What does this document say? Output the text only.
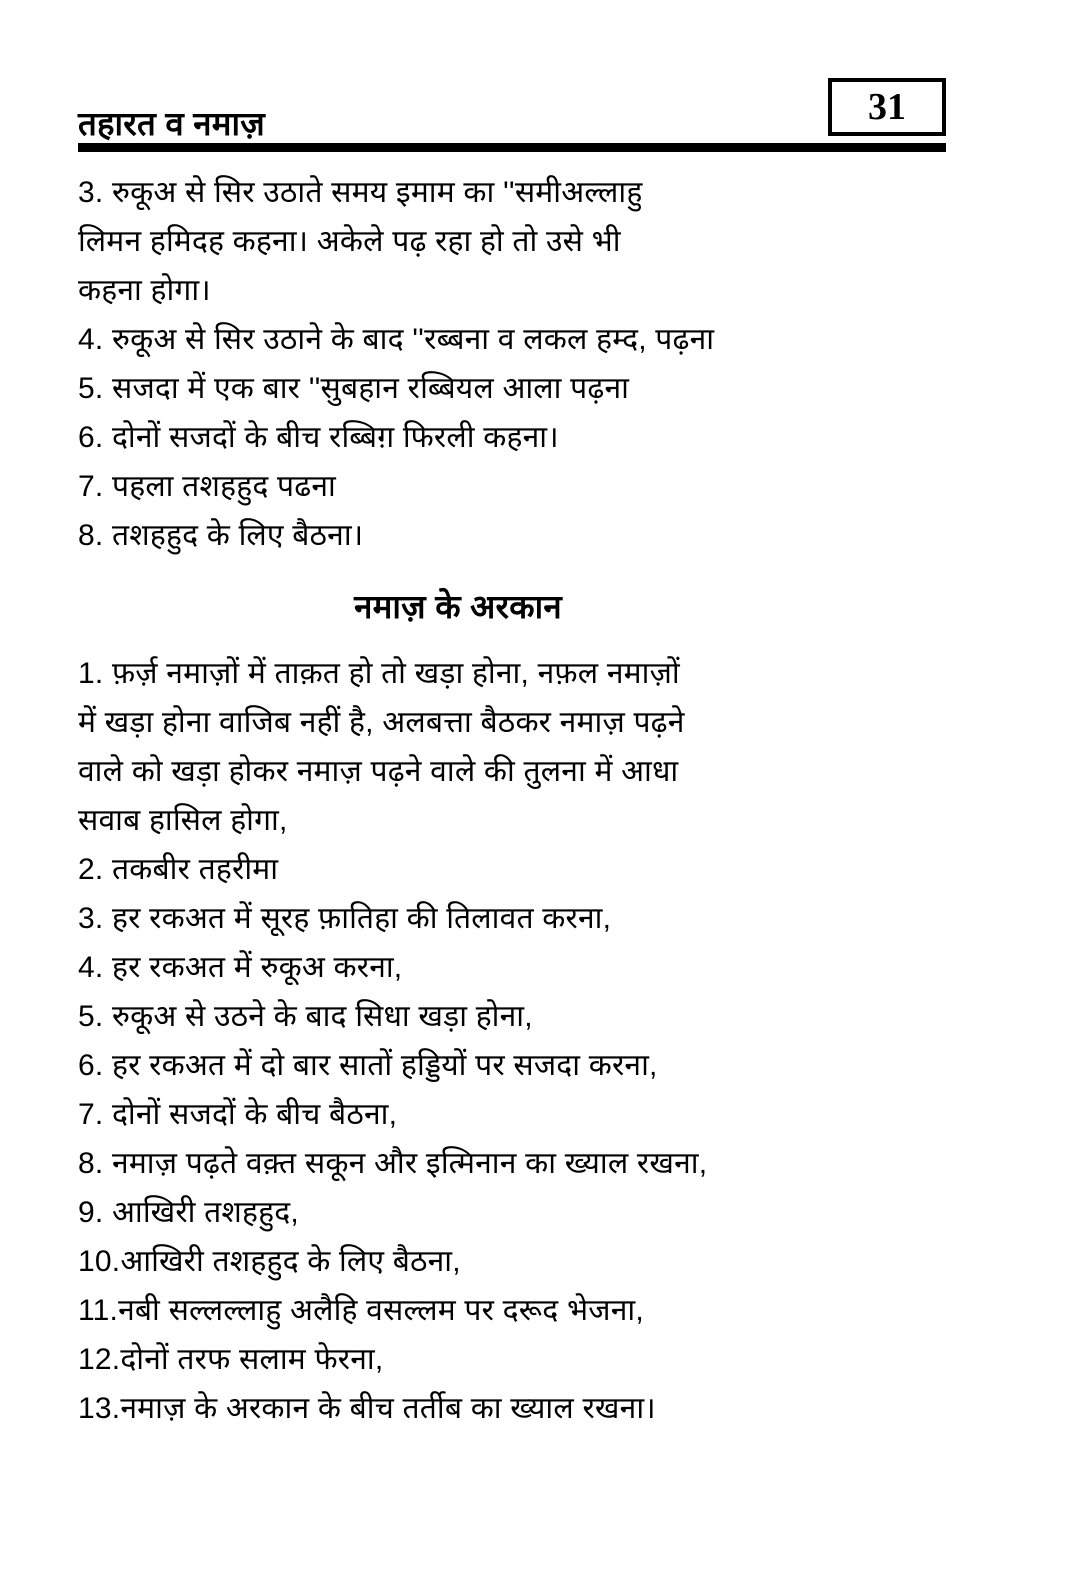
तहारत व नमाज़	31
3. रुकूअ से सिर उठाते समय इमाम का ''समीअल्लाहु
लिमन हमिदह कहना। अकेले पढ़ रहा हो तो उसे भी
कहना होगा।
4. रुकूअ से सिर उठाने के बाद ''रब्बना व लकल हम्द, पढ़ना
5. सजदा में एक बार ''सुबहान रब्बियल आला पढ़ना
6. दोनों सजदों के बीच रब्बिग़ फिरली कहना।
7. पहला तशहहुद पढना
8. तशहहुद के लिए बैठना।
नमाज़ के अरकान
1. फ़र्ज़ नमाज़ों में ताक़त हो तो खड़ा होना, नफ़ल नमाज़ों
में खड़ा होना वाजिब नहीं है, अलबत्ता बैठकर नमाज़ पढ़ने
वाले को खड़ा होकर नमाज़ पढ़ने वाले की तुलना में आधा
सवाब हासिल होगा,
2. तकबीर तहरीमा
3. हर रकअत में सूरह फ़ातिहा की तिलावत करना,
4. हर रकअत में रुकूअ करना,
5. रुकूअ से उठने के बाद सिधा खड़ा होना,
6. हर रकअत में दो बार सातों हड्डियों पर सजदा करना,
7. दोनों सजदों के बीच बैठना,
8. नमाज़ पढ़ते वक़्त सकून और इत्मिनान का ख्याल रखना,
9. आखिरी तशहहुद,
10.आखिरी तशहहुद के लिए बैठना,
11.नबी सल्लल्लाहु अलैहि वसल्लम पर दरूद भेजना,
12.दोनों तरफ सलाम फेरना,
13.नमाज़ के अरकान के बीच तर्तीब का ख्याल रखना।
